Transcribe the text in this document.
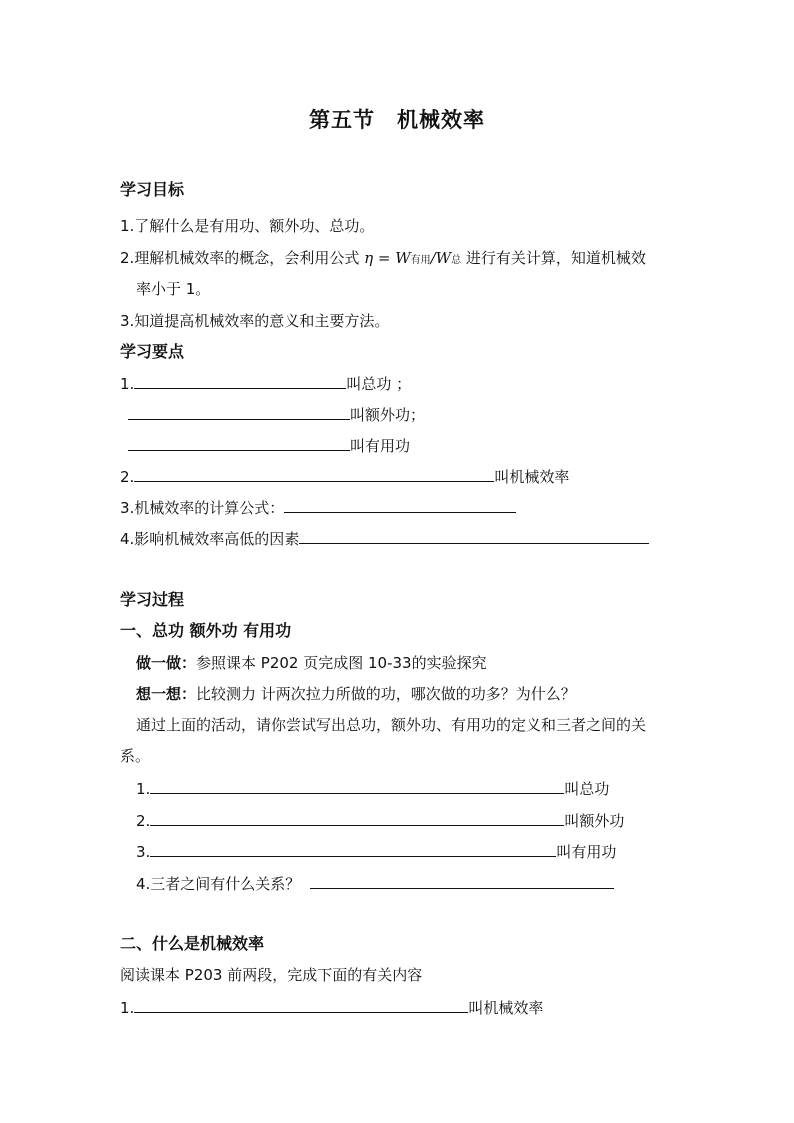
第五节 机械效率
学习目标
1.了解什么是有用功、额外功、总功。
2.理解机械效率的概念，会利用公式 η = W有用/W总 进行有关计算，知道机械效
率小于 1。
3.知道提高机械效率的意义和主要方法。
学习要点
1.	叫总功 ；
叫额外功；
叫有用功
2.	叫机械效率
3.机械效率的计算公式：
4.影响机械效率高低的因素
学习过程
一、总功 额外功 有用功
做一做：参照课本 P202 页完成图 10-33的实验探究
想一想：比较测力 计两次拉力所做的功，哪次做的功多？为什么？
通过上面的活动，请你尝试写出总功，额外功、有用功的定义和三者之间的关
系。
1.	叫总功
2.	叫额外功
3.	叫有用功
4.三者之间有什么关系？
二、什么是机械效率
阅读课本 P203 前两段，完成下面的有关内容
1.	叫机械效率
